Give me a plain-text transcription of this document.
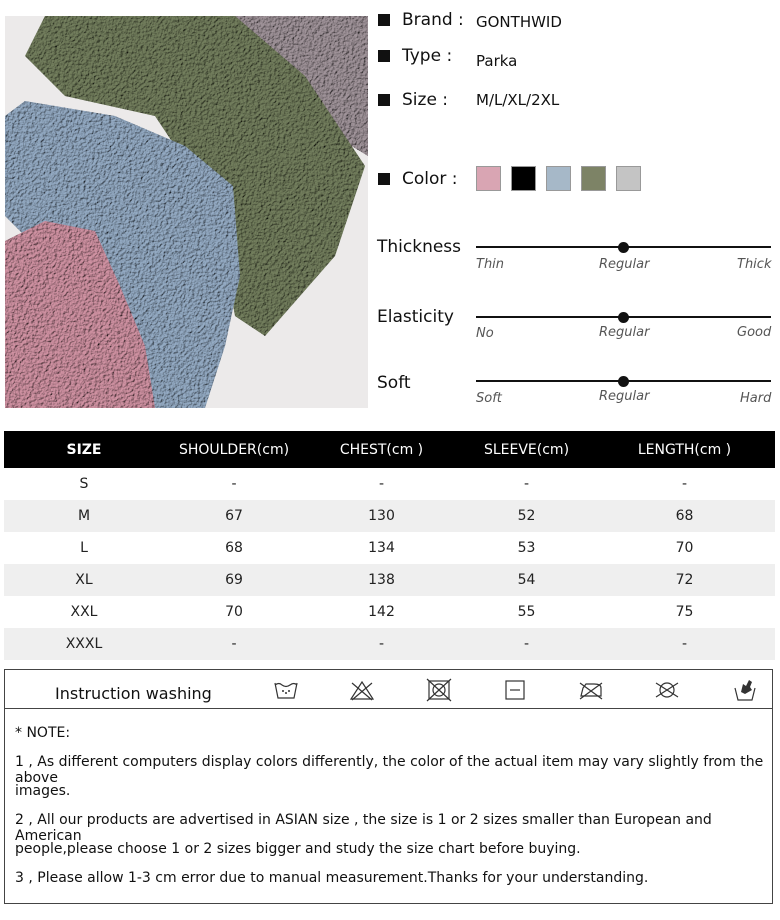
Brand : GONTHWID
Type : Parka
Size : M/L/XL/2XL
Color :
Thickness
Thin	Regular	Thick
Elasticity
No	Regular	Good
Soft
Soft	Regular	Hard
SIZE	SHOULDER(cm)	CHEST(cm )	SLEEVE(cm)	LENGTH(cm )
S	-	-	-	-
M	67	130	52	68
L	68	134	53	70
XL	69	138	54	72
XXL	70	142	55	75
XXXL	-	-	-	-
Instruction washing

* NOTE:

1 , As different computers display colors differently, the color of the actual item may vary slightly from the above

images.

2 , All our products are advertised in ASIAN size , the size is 1 or 2 sizes smaller than European and American

people,please choose 1 or 2 sizes bigger and study the size chart before buying.

3 , Please allow 1-3 cm error due to manual measurement.Thanks for your understanding.
